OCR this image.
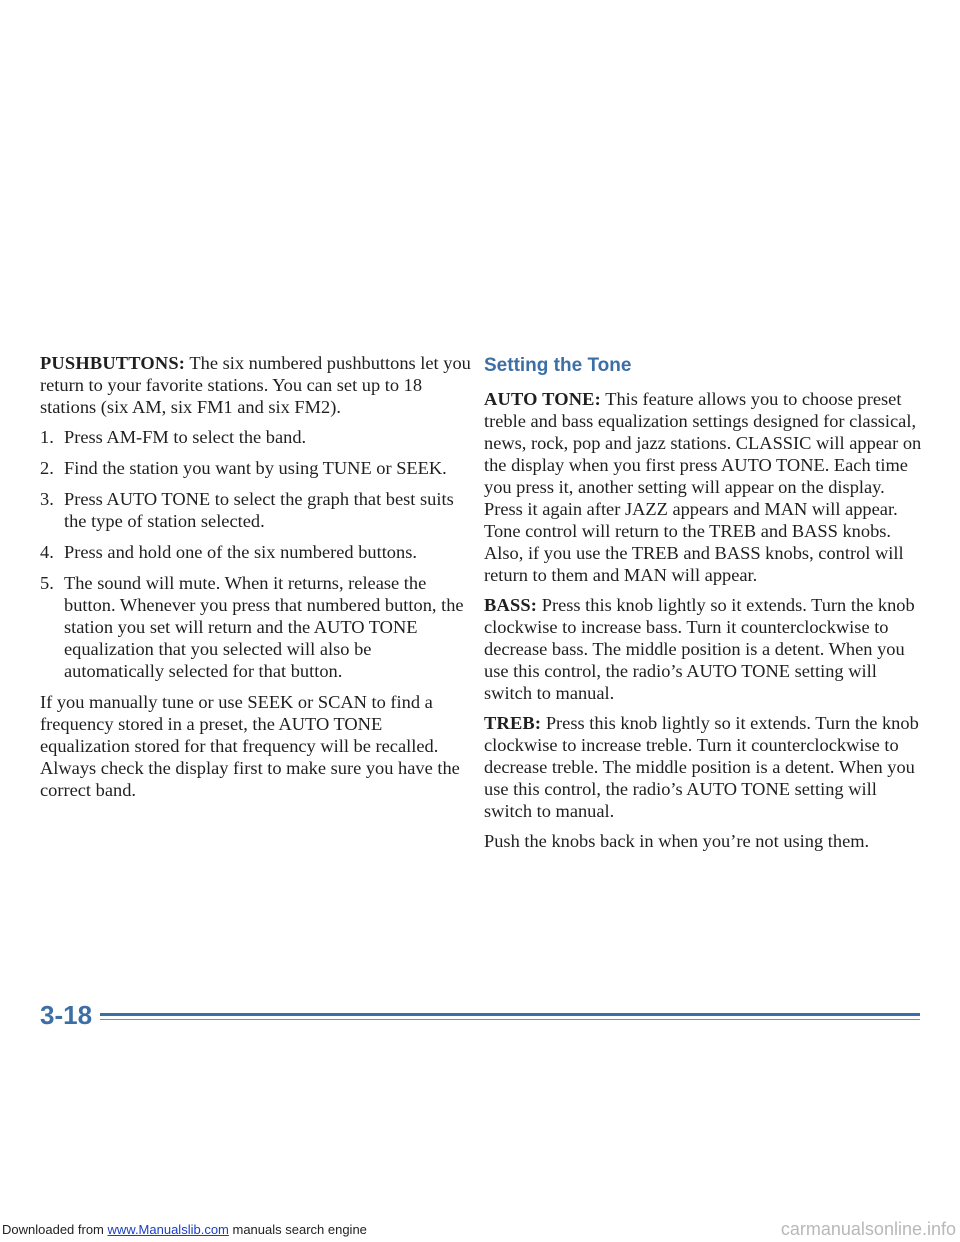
PUSHBUTTONS: The six numbered pushbuttons let you return to your favorite stations. You can set up to 18 stations (six AM, six FM1 and six FM2).

1. Press AM-FM to select the band.
2. Find the station you want by using TUNE or SEEK.
3. Press AUTO TONE to select the graph that best suits the type of station selected.
4. Press and hold one of the six numbered buttons.
5. The sound will mute. When it returns, release the button. Whenever you press that numbered button, the station you set will return and the AUTO TONE equalization that you selected will also be automatically selected for that button.

If you manually tune or use SEEK or SCAN to find a frequency stored in a preset, the AUTO TONE equalization stored for that frequency will be recalled. Always check the display first to make sure you have the correct band.

Setting the Tone

AUTO TONE: This feature allows you to choose preset treble and bass equalization settings designed for classical, news, rock, pop and jazz stations. CLASSIC will appear on the display when you first press AUTO TONE. Each time you press it, another setting will appear on the display. Press it again after JAZZ appears and MAN will appear. Tone control will return to the TREB and BASS knobs. Also, if you use the TREB and BASS knobs, control will return to them and MAN will appear.

BASS: Press this knob lightly so it extends. Turn the knob clockwise to increase bass. Turn it counterclockwise to decrease bass. The middle position is a detent. When you use this control, the radio’s AUTO TONE setting will switch to manual.

TREB: Press this knob lightly so it extends. Turn the knob clockwise to increase treble. Turn it counterclockwise to decrease treble. The middle position is a detent. When you use this control, the radio’s AUTO TONE setting will switch to manual.

Push the knobs back in when you’re not using them.

3-18
Downloaded from www.Manualslib.com manuals search engine	carmanualsonline.info
